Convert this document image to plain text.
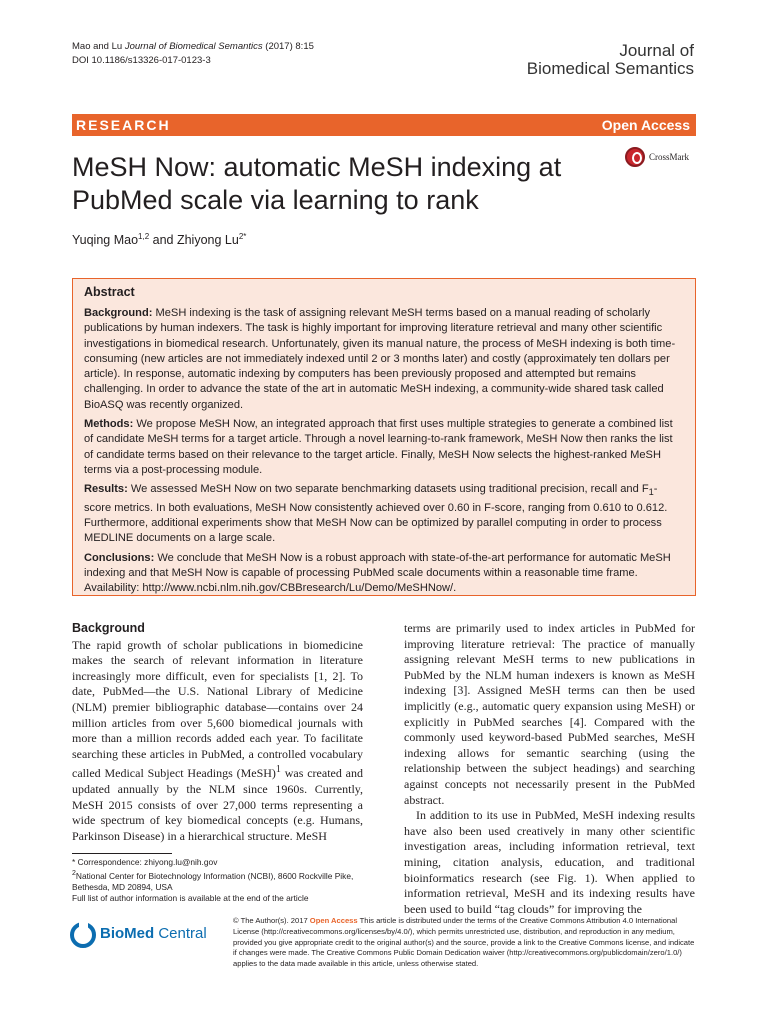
Mao and Lu Journal of Biomedical Semantics (2017) 8:15
DOI 10.1186/s13326-017-0123-3
Journal of
Biomedical Semantics
RESEARCH	Open Access
MeSH Now: automatic MeSH indexing at PubMed scale via learning to rank
CrossMark
Yuqing Mao$^{1,2}$ and Zhiyong $Lu^{2*}$
Abstract

Background: MeSH indexing is the task of assigning relevant MeSH terms based on a manual reading of scholarly publications by human indexers. The task is highly important for improving literature retrieval and many other scientific investigations in biomedical research. Unfortunately, given its manual nature, the process of MeSH indexing is both time-consuming (new articles are not immediately indexed until 2 or 3 months later) and costly (approximately ten dollars per article). In response, automatic indexing by computers has been previously proposed and attempted but remains challenging. In order to advance the state of the art in automatic MeSH indexing, a community-wide shared task called BioASQ was recently organized.

Methods: We propose MeSH Now, an integrated approach that first uses multiple strategies to generate a combined list of candidate MeSH terms for a target article. Through a novel learning-to-rank framework, MeSH Now then ranks the list of candidate terms based on their relevance to the target article. Finally, MeSH Now selects the highest-ranked MeSH terms via a post-processing module.

Results: We assessed MeSH Now on two separate benchmarking datasets using traditional precision, recall and $F_1$-score metrics. In both evaluations, MeSH Now consistently achieved over 0.60 in F-score, ranging from 0.610 to 0.612. Furthermore, additional experiments show that MeSH Now can be optimized by parallel computing in order to process MEDLINE documents on a large scale.

Conclusions: We conclude that MeSH Now is a robust approach with state-of-the-art performance for automatic MeSH indexing and that MeSH Now is capable of processing PubMed scale documents within a reasonable time frame. Availability: http://www.ncbi.nlm.nih.gov/CBBresearch/Lu/Demo/MeSHNow/.

Background

The rapid growth of scholar publications in biomedicine makes the search of relevant information in literature increasingly more difficult, even for specialists [1, 2]. To date, PubMed—the U.S. National Library of Medicine (NLM) premier bibliographic database—contains over 24 million articles from over 5,600 biomedical journals with more than a million records added each year. To facilitate searching these articles in PubMed, a controlled vocabulary called Medical Subject Headings (MeSH)$^1$ was created and updated annually by the NLM since 1960s. Currently, MeSH 2015 consists of over 27,000 terms representing a wide spectrum of key biomedical concepts (e.g. Humans, Parkinson Disease) in a hierarchical structure. MeSH

terms are primarily used to index articles in PubMed for improving literature retrieval: The practice of manually assigning relevant MeSH terms to new publications in PubMed by the NLM human indexers is known as MeSH indexing [3]. Assigned MeSH terms can then be used implicitly (e.g., automatic query expansion using MeSH) or explicitly in PubMed searches [4]. Compared with the commonly used keyword-based PubMed searches, MeSH indexing allows for semantic searching (using the relationship between the subject headings) and searching against concepts not necessarily present in the PubMed abstract.

In addition to its use in PubMed, MeSH indexing results have also been used creatively in many other scientific investigation areas, including information retrieval, text mining, citation analysis, education, and traditional bioinformatics research (see Fig. 1). When applied to information retrieval, MeSH and its indexing results have been used to build “tag clouds” for improving the

* Correspondence: zhiyong.lu@nih.gov
$^2$National Center for Biotechnology Information (NCBI), 8600 Rockville Pike, Bethesda, MD 20894, USA
Full list of author information is available at the end of the article
BioMed Central
© The Author(s). 2017 Open Access This article is distributed under the terms of the Creative Commons Attribution 4.0 International License (http://creativecommons.org/licenses/by/4.0/), which permits unrestricted use, distribution, and reproduction in any medium, provided you give appropriate credit to the original author(s) and the source, provide a link to the Creative Commons license, and indicate if changes were made. The Creative Commons Public Domain Dedication waiver (http://creativecommons.org/publicdomain/zero/1.0/) applies to the data made available in this article, unless otherwise stated.
